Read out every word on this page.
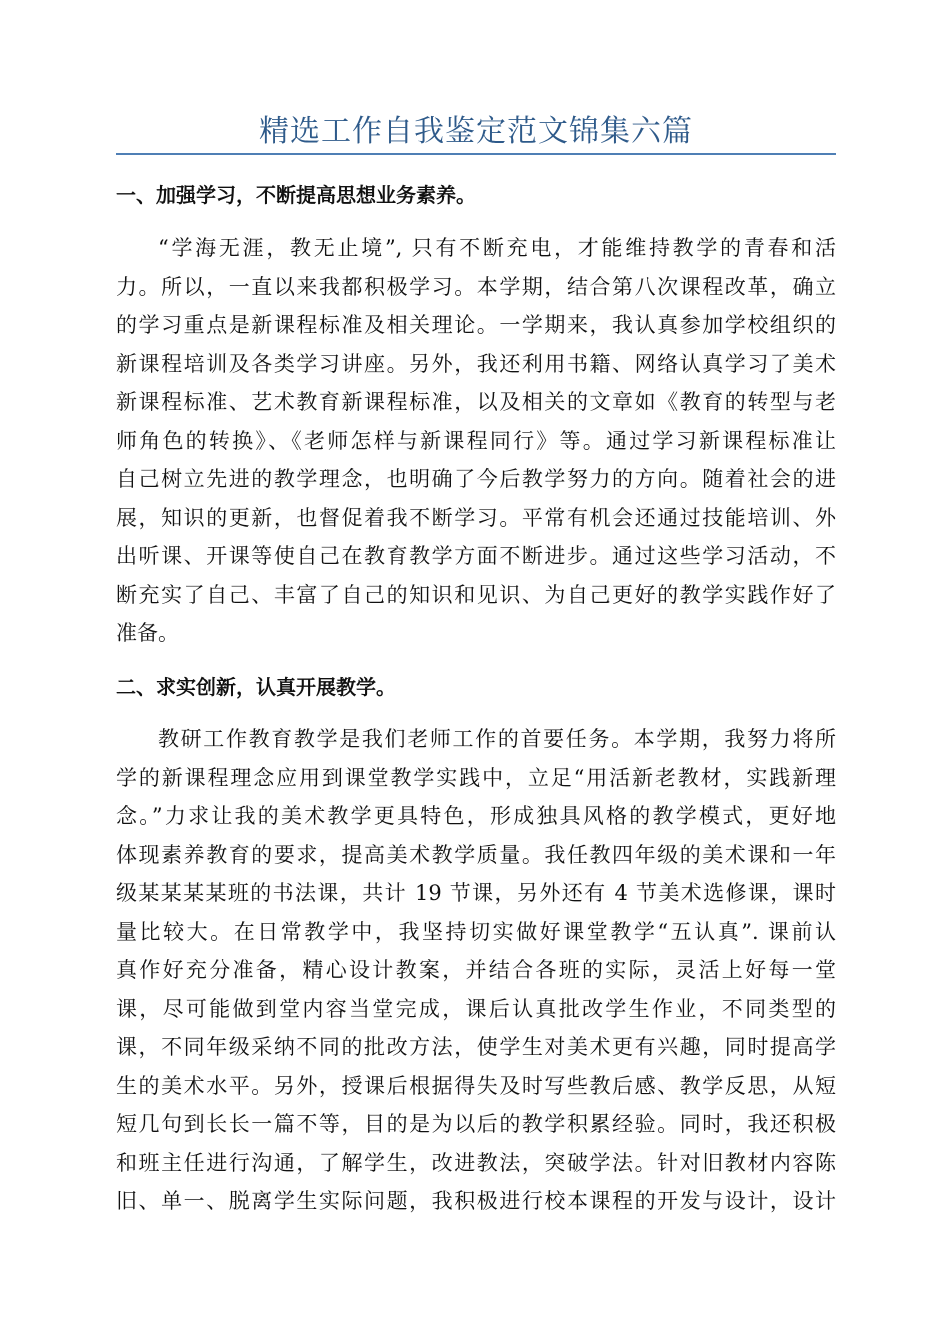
精选工作自我鉴定范文锦集六篇
一、加强学习，不断提高思想业务素养。
“学海无涯，教无止境”, 只有不断充电，才能维持教学的青春和活
力。所以，一直以来我都积极学习。本学期，结合第八次课程改革，确立
的学习重点是新课程标准及相关理论。一学期来，我认真参加学校组织的
新课程培训及各类学习讲座。另外，我还利用书籍、网络认真学习了美术
新课程标准、艺术教育新课程标准，以及相关的文章如《教育的转型与老
师角色的转换》、《老师怎样与新课程同行》等。通过学习新课程标准让
自己树立先进的教学理念，也明确了今后教学努力的方向。随着社会的进
展，知识的更新，也督促着我不断学习。平常有机会还通过技能培训、外
出听课、开课等使自己在教育教学方面不断进步。通过这些学习活动，不
断充实了自己、丰富了自己的知识和见识、为自己更好的教学实践作好了
准备。
二、求实创新，认真开展教学。
教研工作教育教学是我们老师工作的首要任务。本学期，我努力将所
学的新课程理念应用到课堂教学实践中，立足“用活新老教材，实践新理
念。”力求让我的美术教学更具特色，形成独具风格的教学模式，更好地
体现素养教育的要求，提高美术教学质量。我任教四年级的美术课和一年
级某某某某班的书法课，共计 19 节课，另外还有 4 节美术选修课，课时
量比较大。在日常教学中，我坚持切实做好课堂教学“五认真”. 课前认
真作好充分准备，精心设计教案，并结合各班的实际，灵活上好每一堂
课，尽可能做到堂内容当堂完成，课后认真批改学生作业，不同类型的
课，不同年级采纳不同的批改方法，使学生对美术更有兴趣，同时提高学
生的美术水平。另外，授课后根据得失及时写些教后感、教学反思，从短
短几句到长长一篇不等，目的是为以后的教学积累经验。同时，我还积极
和班主任进行沟通，了解学生，改进教法，突破学法。针对旧教材内容陈
旧、单一、脱离学生实际问题，我积极进行校本课程的开发与设计，设计
